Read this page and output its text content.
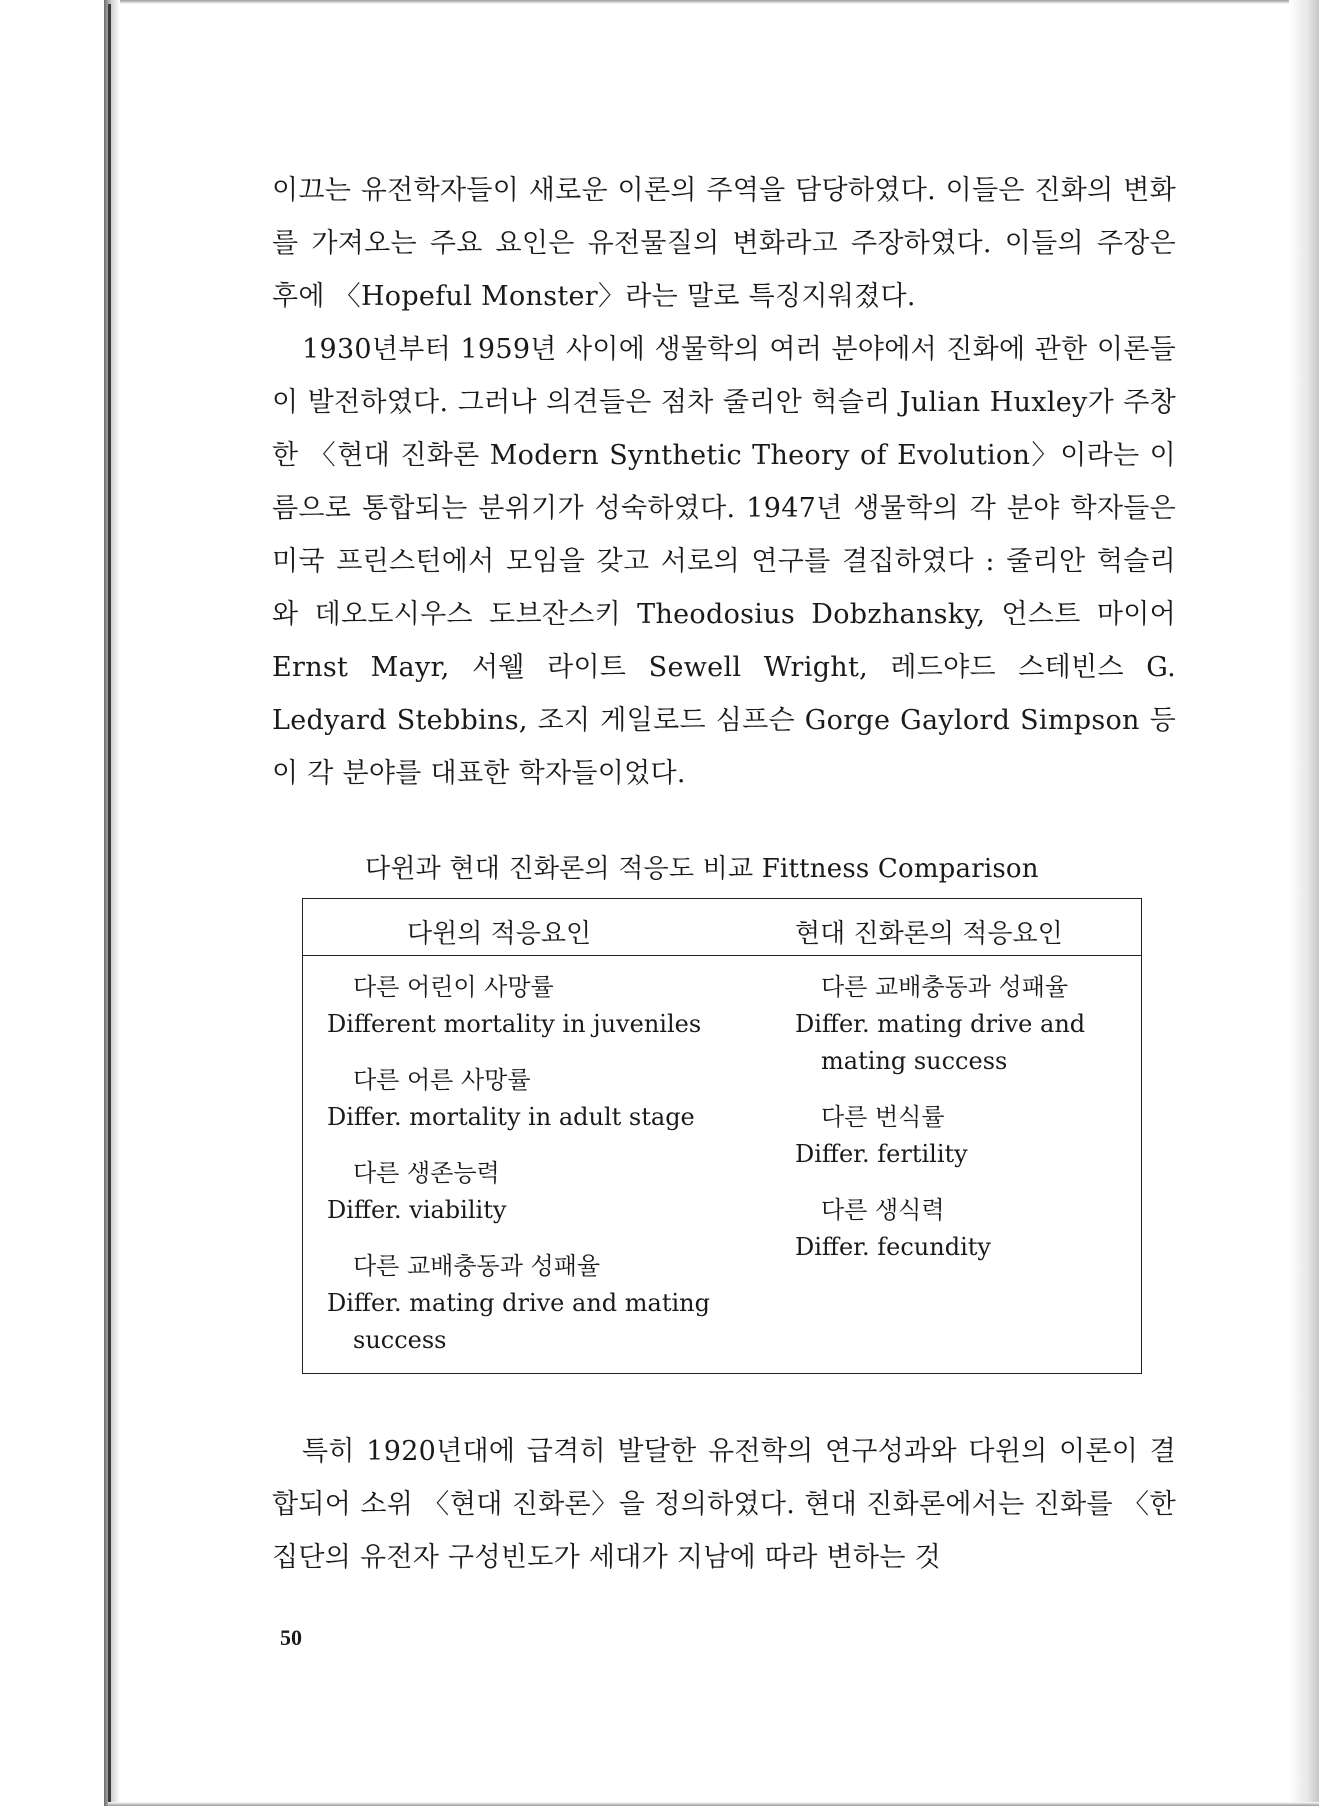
이끄는 유전학자들이 새로운 이론의 주역을 담당하였다. 이들은 진화의 변화를 가져오는 주요 요인은 유전물질의 변화라고 주장하였다. 이들의 주장은 후에 〈Hopeful Monster〉라는 말로 특징지워졌다.

1930년부터 1959년 사이에 생물학의 여러 분야에서 진화에 관한 이론들이 발전하였다. 그러나 의견들은 점차 줄리안 헉슬리 Julian Huxley가 주창한 〈현대 진화론 Modern Synthetic Theory of Evolution〉이라는 이름으로 통합되는 분위기가 성숙하였다. 1947년 생물학의 각 분야 학자들은 미국 프린스턴에서 모임을 갖고 서로의 연구를 결집하였다 : 줄리안 헉슬리와 데오도시우스 도브잔스키 Theodosius Dobzhansky, 언스트 마이어 Ernst Mayr, 서웰 라이트 Sewell Wright, 레드야드 스테빈스 G. Ledyard Stebbins, 조지 게일로드 심프슨 Gorge Gaylord Simpson 등이 각 분야를 대표한 학자들이었다.

다윈과 현대 진화론의 적응도 비교 Fittness Comparison
다윈의 적응요인	현대 진화론의 적응요인
다른 어린이 사망률
Different mortality in juveniles
다른 어른 사망률
Differ. mortality in adult stage
다른 생존능력
Differ. viability
다른 교배충동과 성패율
Differ. mating drive and mating success
다른 교배충동과 성패율
Differ. mating drive and mating success
다른 번식률
Differ. fertility
다른 생식력
Differ. fecundity

특히 1920년대에 급격히 발달한 유전학의 연구성과와 다윈의 이론이 결합되어 소위 〈현대 진화론〉을 정의하였다. 현대 진화론에서는 진화를 〈한 집단의 유전자 구성빈도가 세대가 지남에 따라 변하는 것

50
